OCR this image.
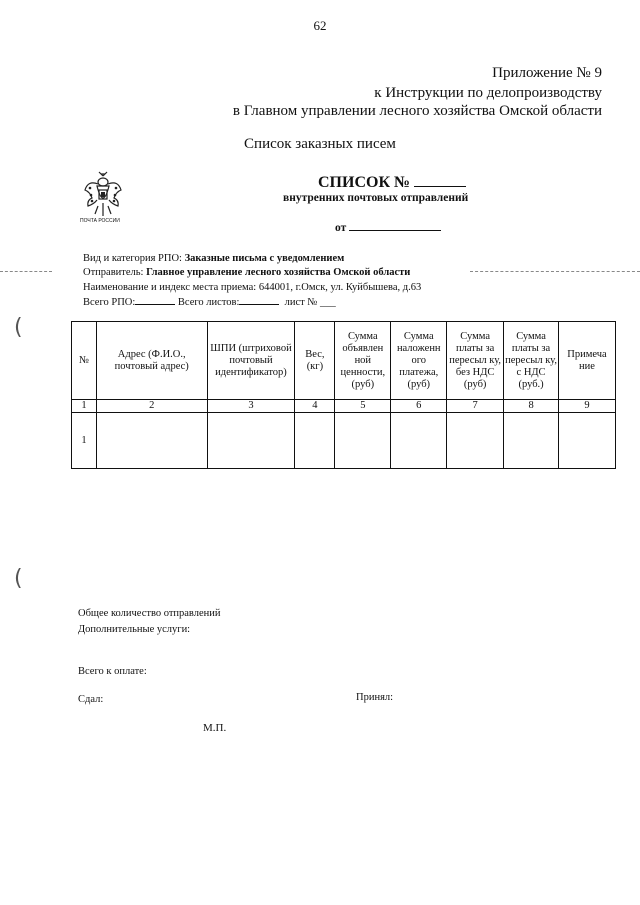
62
Приложение № 9
к Инструкции по делопроизводству
в Главном управлении лесного хозяйства Омской области
Список заказных писем
ПОЧТА РОССИИ
СПИСОК №
внутренних почтовых отправлений
от
(
(
Вид и категория РПО: Заказные письма с уведомлением
Отправитель: Главное управление лесного хозяйства Омской области
Наименование и индекс места приема: 644001, г.Омск, ул. Куйбышева, д.63
Всего РПО:	Всего листов:	лист № ___
№	Адрес (Ф.И.О., почтовый адрес)	ШПИ (штриховой почтовый идентификатор)	Вес, (кг)	Сумма объявлен ной ценности, (руб)	Сумма наложенн ого платежа, (руб)	Сумма платы за пересыл ку, без НДС (руб)	Сумма платы за пересыл ку, с НДС (руб.)	Примеча ние
1	2	3	4	5	6	7	8	9
1								
Общее количество отправлений
Дополнительные услуги:
Всего к оплате:
Сдал:	Принял:
М.П.
